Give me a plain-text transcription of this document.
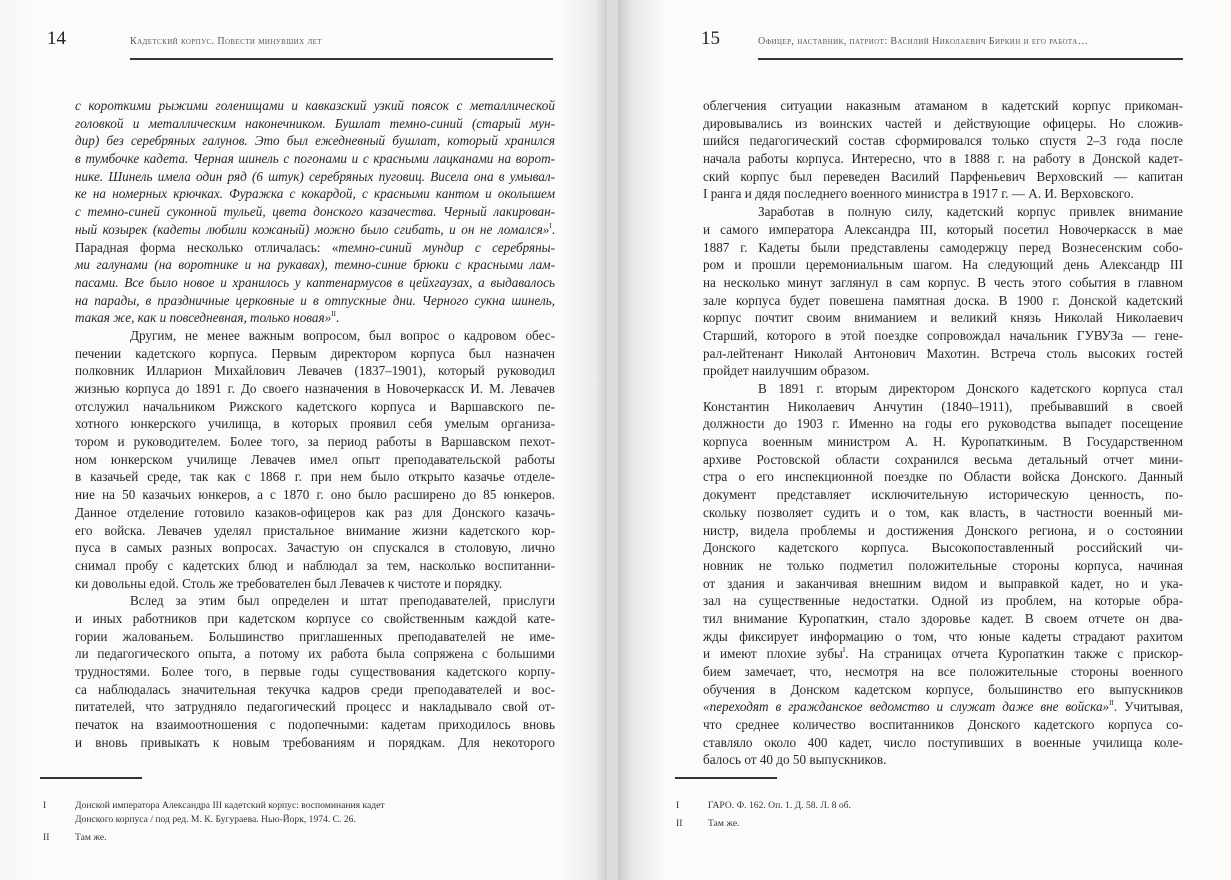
14	Кадетский корпус. Повести минувших лет
с короткими рыжими голенищами и кавказский узкий поясок с металлической
головкой и металлическим наконечником. Бушлат темно-синий (старый мун-
дир) без серебряных галунов. Это был ежедневный бушлат, который хранился
в тумбочке кадета. Черная шинель с погонами и с красными лацканами на ворот-
нике. Шинель имела один ряд (6 штук) серебряных пуговиц. Висела она в умывал-
ке на номерных крючках. Фуражка с кокардой, с красными кантом и околышем
с темно-синей суконной тульей, цвета донского казачества. Черный лакирован-
ный козырек (кадеты любили кожаный) можно было сгибать, и он не ломался»$^I$.
Парадная форма несколько отличалась: «темно-синий мундир с серебряны-
ми галунами (на воротнике и на рукавах), темно-синие брюки с красными лам-
пасами. Все было новое и хранилось у каптенармусов в цейхгаузах, а выдавалось
на парады, в праздничные церковные и в отпускные дни. Черного сукна шинель,
такая же, как и повседневная, только новая»$^{II}$.
Другим, не менее важным вопросом, был вопрос о кадровом обес-
печении кадетского корпуса. Первым директором корпуса был назначен
полковник Илларион Михайлович Левачев (1837–1901), который руководил
жизнью корпуса до 1891 г. До своего назначения в Новочеркасск И. М. Левачев
отслужил начальником Рижского кадетского корпуса и Варшавского пе-
хотного юнкерского училища, в которых проявил себя умелым организа-
тором и руководителем. Более того, за период работы в Варшавском пехот-
ном юнкерском училище Левачев имел опыт преподавательской работы
в казачьей среде, так как с 1868 г. при нем было открыто казачье отделе-
ние на 50 казачьих юнкеров, а с 1870 г. оно было расширено до 85 юнкеров.
Данное отделение готовило казаков-офицеров как раз для Донского казачь-
его войска. Левачев уделял пристальное внимание жизни кадетского кор-
пуса в самых разных вопросах. Зачастую он спускался в столовую, лично
снимал пробу с кадетских блюд и наблюдал за тем, насколько воспитанни-
ки довольны едой. Столь же требователен был Левачев к чистоте и порядку.
Вслед за этим был определен и штат преподавателей, прислуги
и иных работников при кадетском корпусе со свойственным каждой кате-
гории жалованьем. Большинство приглашенных преподавателей не име-
ли педагогического опыта, а потому их работа была сопряжена с большими
трудностями. Более того, в первые годы существования кадетского корпу-
са наблюдалась значительная текучка кадров среди преподавателей и вос-
питателей, что затрудняло педагогический процесс и накладывало свой от-
печаток на взаимоотношения с подопечными: кадетам приходилось вновь
и вновь привыкать к новым требованиям и порядкам. Для некоторого
I	Донской императора Александра III кадетский корпус: воспоминания кадет
Донского корпуса / под ред. М. К. Бугураева. Нью-Йорк, 1974. С. 26.
II	Там же.
15	Офицер, наставник, патриот: Василий Николаевич Биркин и его работа…
облегчения ситуации наказным атаманом в кадетский корпус прикоман-
дировывались из воинских частей и действующие офицеры. Но сложив-
шийся педагогический состав сформировался только спустя 2–3 года после
начала работы корпуса. Интересно, что в 1888 г. на работу в Донской кадет-
ский корпус был переведен Василий Парфеньевич Верховский — капитан
I ранга и дядя последнего военного министра в 1917 г. — А. И. Верховского.
Заработав в полную силу, кадетский корпус привлек внимание
и самого императора Александра III, который посетил Новочеркасск в мае
1887 г. Кадеты были представлены самодержцу перед Вознесенским собо-
ром и прошли церемониальным шагом. На следующий день Александр III
на несколько минут заглянул в сам корпус. В честь этого события в главном
зале корпуса будет повешена памятная доска. В 1900 г. Донской кадетский
корпус почтит своим вниманием и великий князь Николай Николаевич
Старший, которого в этой поездке сопровождал начальник ГУВУЗа — гене-
рал-лейтенант Николай Антонович Махотин. Встреча столь высоких гостей
пройдет наилучшим образом.
В 1891 г. вторым директором Донского кадетского корпуса стал
Константин Николаевич Анчутин (1840–1911), пребывавший в своей
должности до 1903 г. Именно на годы его руководства выпадет посещение
корпуса военным министром А. Н. Куропаткиным. В Государственном
архиве Ростовской области сохранился весьма детальный отчет мини-
стра о его инспекционной поездке по Области войска Донского. Данный
документ представляет исключительную историческую ценность, по-
скольку позволяет судить и о том, как власть, в частности военный ми-
нистр, видела проблемы и достижения Донского региона, и о состоянии
Донского кадетского корпуса. Высокопоставленный российский чи-
новник не только подметил положительные стороны корпуса, начиная
от здания и заканчивая внешним видом и выправкой кадет, но и ука-
зал на существенные недостатки. Одной из проблем, на которые обра-
тил внимание Куропаткин, стало здоровье кадет. В своем отчете он два-
жды фиксирует информацию о том, что юные кадеты страдают рахитом
и имеют плохие зубы$^I$. На страницах отчета Куропаткин также с прискор-
бием замечает, что, несмотря на все положительные стороны военного
обучения в Донском кадетском корпусе, большинство его выпускников
«переходят в гражданское ведомство и служат даже вне войска»$^{II}$. Учитывая,
что среднее количество воспитанников Донского кадетского корпуса со-
ставляло около 400 кадет, число поступивших в военные училища коле-
балось от 40 до 50 выпускников.
I	ГАРО. Ф. 162. Оп. 1. Д. 58. Л. 8 об.
II	Там же.
